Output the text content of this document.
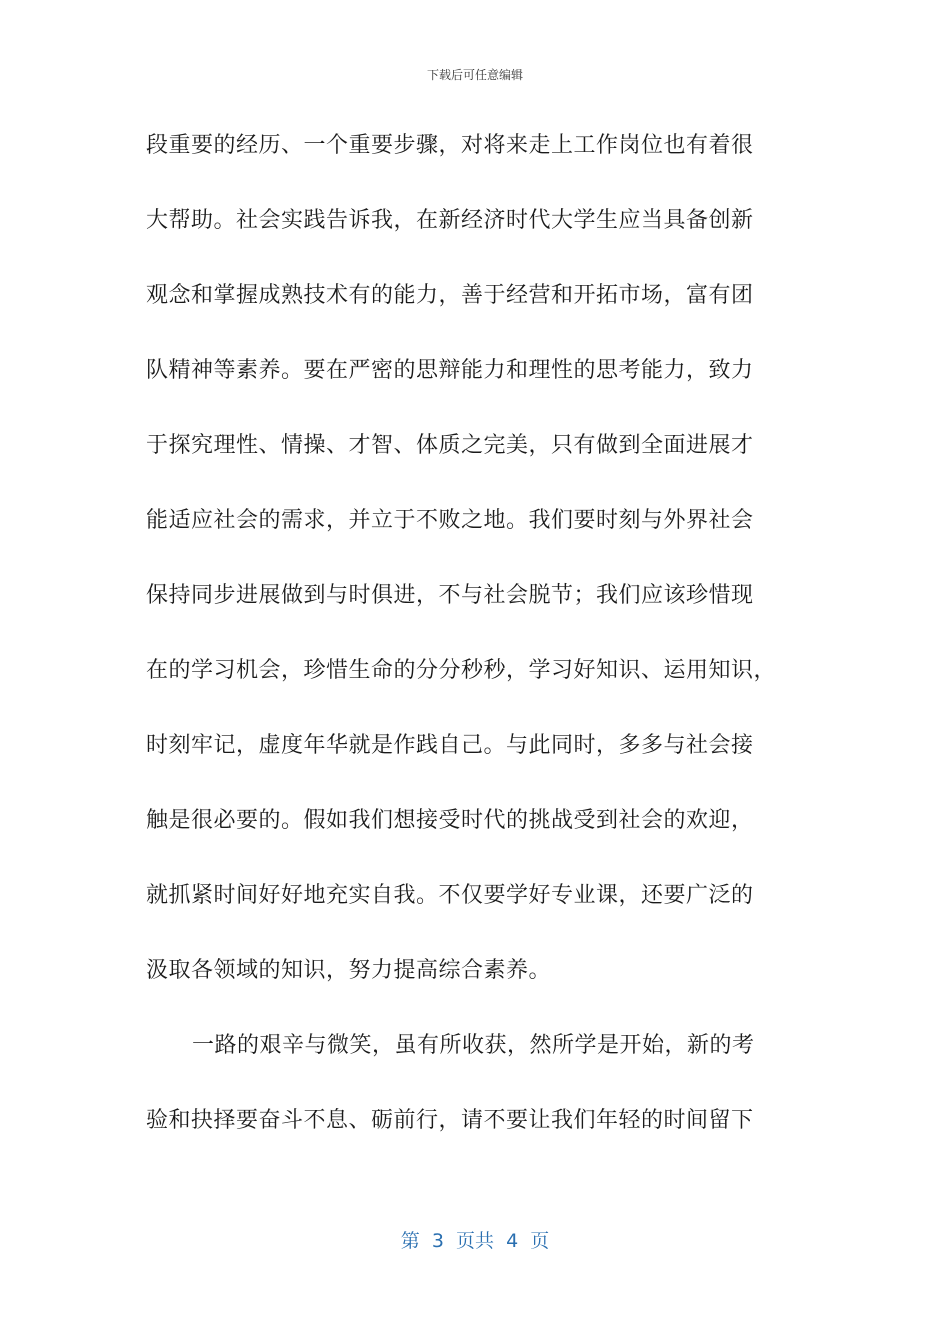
下载后可任意编辑
段重要的经历、一个重要步骤，对将来走上工作岗位也有着很
大帮助。社会实践告诉我，在新经济时代大学生应当具备创新
观念和掌握成熟技术有的能力，善于经营和开拓市场，富有团
队精神等素养。要在严密的思辩能力和理性的思考能力，致力
于探究理性、情操、才智、体质之完美，只有做到全面进展才
能适应社会的需求，并立于不败之地。我们要时刻与外界社会
保持同步进展做到与时俱进，不与社会脱节；我们应该珍惜现
在的学习机会，珍惜生命的分分秒秒，学习好知识、运用知识，
时刻牢记，虚度年华就是作践自己。与此同时，多多与社会接
触是很必要的。假如我们想接受时代的挑战受到社会的欢迎，
就抓紧时间好好地充实自我。不仅要学好专业课，还要广泛的
汲取各领域的知识，努力提高综合素养。
一路的艰辛与微笑，虽有所收获，然所学是开始，新的考
验和抉择要奋斗不息、砺前行，请不要让我们年轻的时间留下
第  3  页共  4  页
